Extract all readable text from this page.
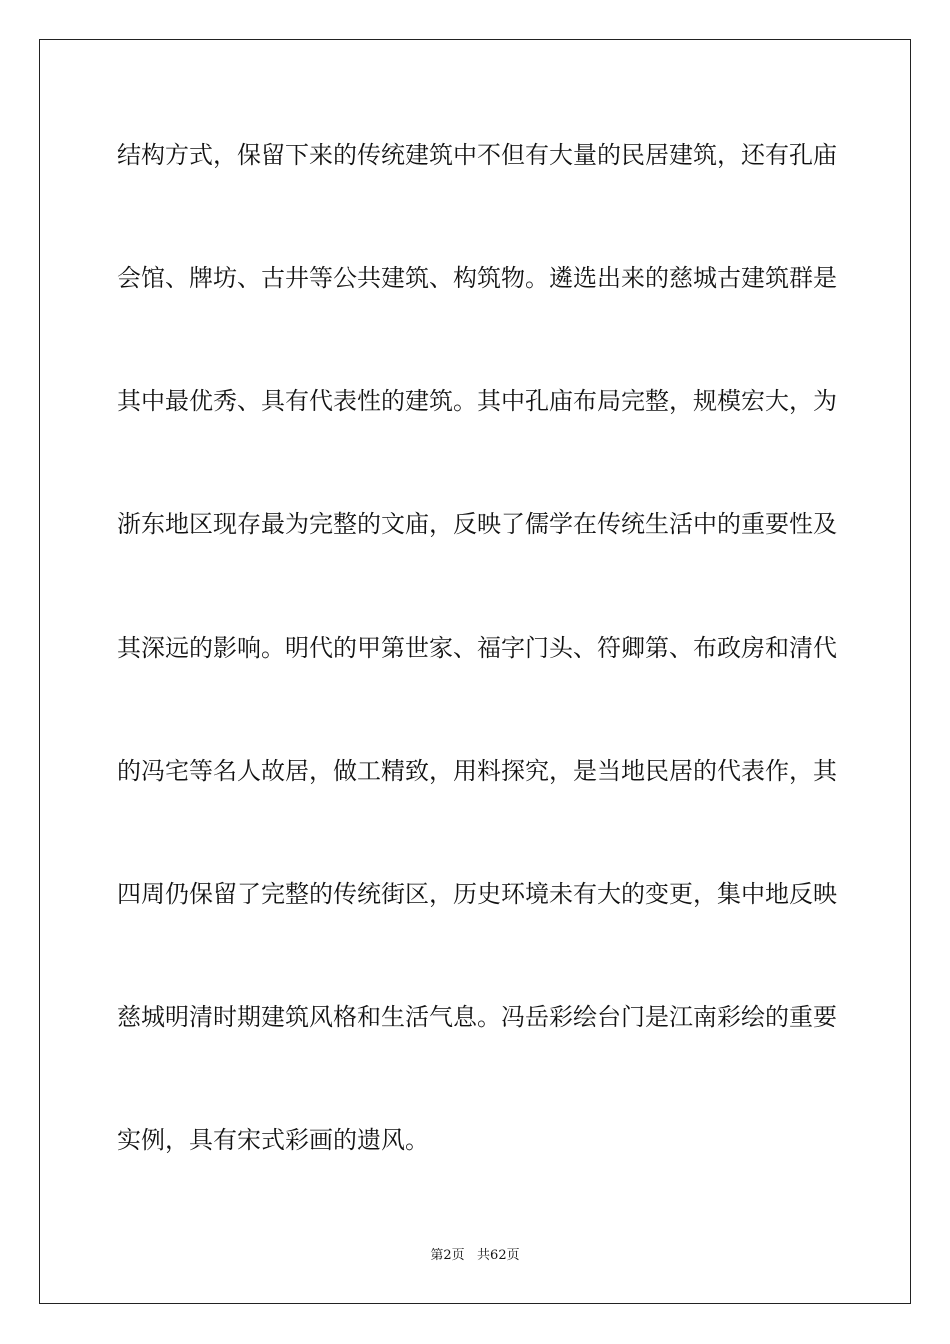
结构方式，保留下来的传统建筑中不但有大量的民居建筑，还有孔庙
会馆、牌坊、古井等公共建筑、构筑物。遴选出来的慈城古建筑群是
其中最优秀、具有代表性的建筑。其中孔庙布局完整，规模宏大，为
浙东地区现存最为完整的文庙，反映了儒学在传统生活中的重要性及
其深远的影响。明代的甲第世家、福字门头、符卿第、布政房和清代
的冯宅等名人故居，做工精致，用料探究，是当地民居的代表作，其
四周仍保留了完整的传统街区，历史环境未有大的变更，集中地反映
慈城明清时期建筑风格和生活气息。冯岳彩绘台门是江南彩绘的重要
实例，具有宋式彩画的遗风。
第2页   共62页
